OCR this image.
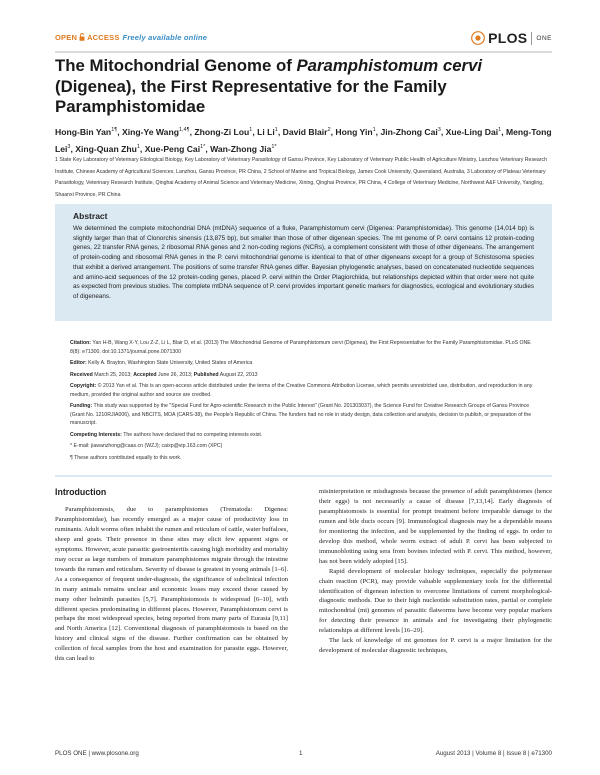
OPEN ACCESS Freely available online	PLOS ONE
The Mitochondrial Genome of Paramphistomum cervi
(Digenea), the First Representative for the Family
Paramphistomidae
Hong-Bin Yan$^{1\P}$, Xing-Ye Wang$^{1,4\P}$, Zhong-Zi Lou$^1$, Li Li$^1$, David Blair$^2$, Hong Yin$^1$, Jin-Zhong Cai$^3$, Xue-Ling Dai$^1$, Meng-Tong Lei$^3$, Xing-Quan Zhu$^1$, Xue-Peng Cai$^{1*}$, Wan-Zhong Jia$^{1*}$
1 State Key Laboratory of Veterinary Etiological Biology, Key Laboratory of Veterinary Parasitology of Gansu Province, Key Laboratory of Veterinary Public Health of Agriculture Ministry, Lanzhou Veterinary Research Institute, Chinese Academy of Agricultural Sciences, Lanzhou, Gansu Province, PR China, 2 School of Marine and Tropical Biology, James Cook University, Queensland, Australia, 3 Laboratory of Plateau Veterinary Parasitology, Veterinary Research Institute, Qinghai Academy of Animal Science and Veterinary Medicine, Xining, Qinghai Province, PR China, 4 College of Veterinary Medicine, Northwest A&F University, Yangling, Shaanxi Province, PR China
Abstract

We determined the complete mitochondrial DNA (mtDNA) sequence of a fluke, Paramphistomum cervi (Digenea: Paramphistomidae). This genome (14,014 bp) is slightly larger than that of Clonorchis sinensis (13,875 bp), but smaller than those of other digenean species. The mt genome of P. cervi contains 12 protein-coding genes, 22 transfer RNA genes, 2 ribosomal RNA genes and 2 non-coding regions (NCRs), a complement consistent with those of other digeneans. The arrangement of protein-coding and ribosomal RNA genes in the P. cervi mitochondrial genome is identical to that of other digeneans except for a group of Schistosoma species that exhibit a derived arrangement. The positions of some transfer RNA genes differ. Bayesian phylogenetic analyses, based on concatenated nucleotide sequences and amino-acid sequences of the 12 protein-coding genes, placed P. cervi within the Order Plagiorchiida, but relationships depicted within that order were not quite as expected from previous studies. The complete mtDNA sequence of P. cervi provides important genetic markers for diagnostics, ecological and evolutionary studies of digeneans.

Citation: Yan H-B, Wang X-Y, Lou Z-Z, Li L, Blair D, et al. (2013) The Mitochondrial Genome of Paramphistomum cervi (Digenea), the First Representative for the Family Paramphistomidae. PLoS ONE 8(8): e71300. doi:10.1371/journal.pone.0071300
Editor: Kelly A. Brayton, Washington State University, United States of America
Received March 25, 2013; Accepted June 26, 2013; Published August 22, 2013
Copyright: © 2013 Yan et al. This is an open-access article distributed under the terms of the Creative Commons Attribution License, which permits unrestricted use, distribution, and reproduction in any medium, provided the original author and source are credited.
Funding: This study was supported by the "Special Fund for Agro-scientific Research in the Public Interest" (Grant No. 201303037), the Science Fund for Creative Research Groups of Gansu Province (Grant No. 1210RJIA006), and NBCITS, MOA (CARS-38), the People's Republic of China. The funders had no role in study design, data collection and analysis, decision to publish, or preparation of the manuscript.
Competing Interests: The authors have declared that no competing interests exist.
* E-mail: jiawanzhong@caas.cn (WZJ); caixp@vip.163.com (XPC)
¶ These authors contributed equally to this work.
Introduction

Paramphistomosis, due to paramphistomes (Trematoda: Digenea: Paramphistomidae), has recently emerged as a major cause of productivity loss in ruminants. Adult worms often inhabit the rumen and reticulum of cattle, water buffaloes, sheep and goats. Their presence in these sites may elicit few apparent signs or symptoms. However, acute parasitic gastroenteritis causing high morbidity and mortality may occur as large numbers of immature paramphistomes migrate through the intestine towards the rumen and reticulum. Severity of disease is greatest in young animals [1–6]. As a consequence of frequent under-diagnosis, the significance of subclinical infection in many animals remains unclear and economic losses may exceed those caused by many other helminth parasites [5,7]. Paramphistomosis is widespread [6–10], with different species predominating in different places. However, Paramphistomum cervi is perhaps the most widespread species, being reported from many parts of Eurasia [9,11] and North America [12]. Conventional diagnosis of paramphistomosis is based on the history and clinical signs of the disease. Further confirmation can be obtained by collection of fecal samples from the host and examination for parasite eggs. However, this can lead to

misinterpretation or misdiagnosis because the presence of adult paramphistomes (hence their eggs) is not necessarily a cause of disease [7,13,14]. Early diagnosis of paramphistomosis is essential for prompt treatment before irreparable damage to the rumen and bile ducts occurs [9]. Immunological diagnosis may be a dependable means for monitoring the infection, and be supplemented by the finding of eggs. In order to develop this method, whole worm extract of adult P. cervi has been subjected to immunoblotting using sera from bovines infected with P. cervi. This method, however, has not been widely adopted [15].

Rapid development of molecular biology techniques, especially the polymerase chain reaction (PCR), may provide valuable supplementary tools for the differential identification of digenean infection to overcome limitations of current morphological-diagnostic methods. Due to their high nucleotide substitution rates, partial or complete mitochondrial (mt) genomes of parasitic flatworms have become very popular markers for detecting their presence in animals and for investigating their phylogenetic relationships at different levels [16–29].

The lack of knowledge of mt genomes for P. cervi is a major limitation for the development of molecular diagnostic techniques,

PLOS ONE | www.plosone.org	1	August 2013 | Volume 8 | Issue 8 | e71300
